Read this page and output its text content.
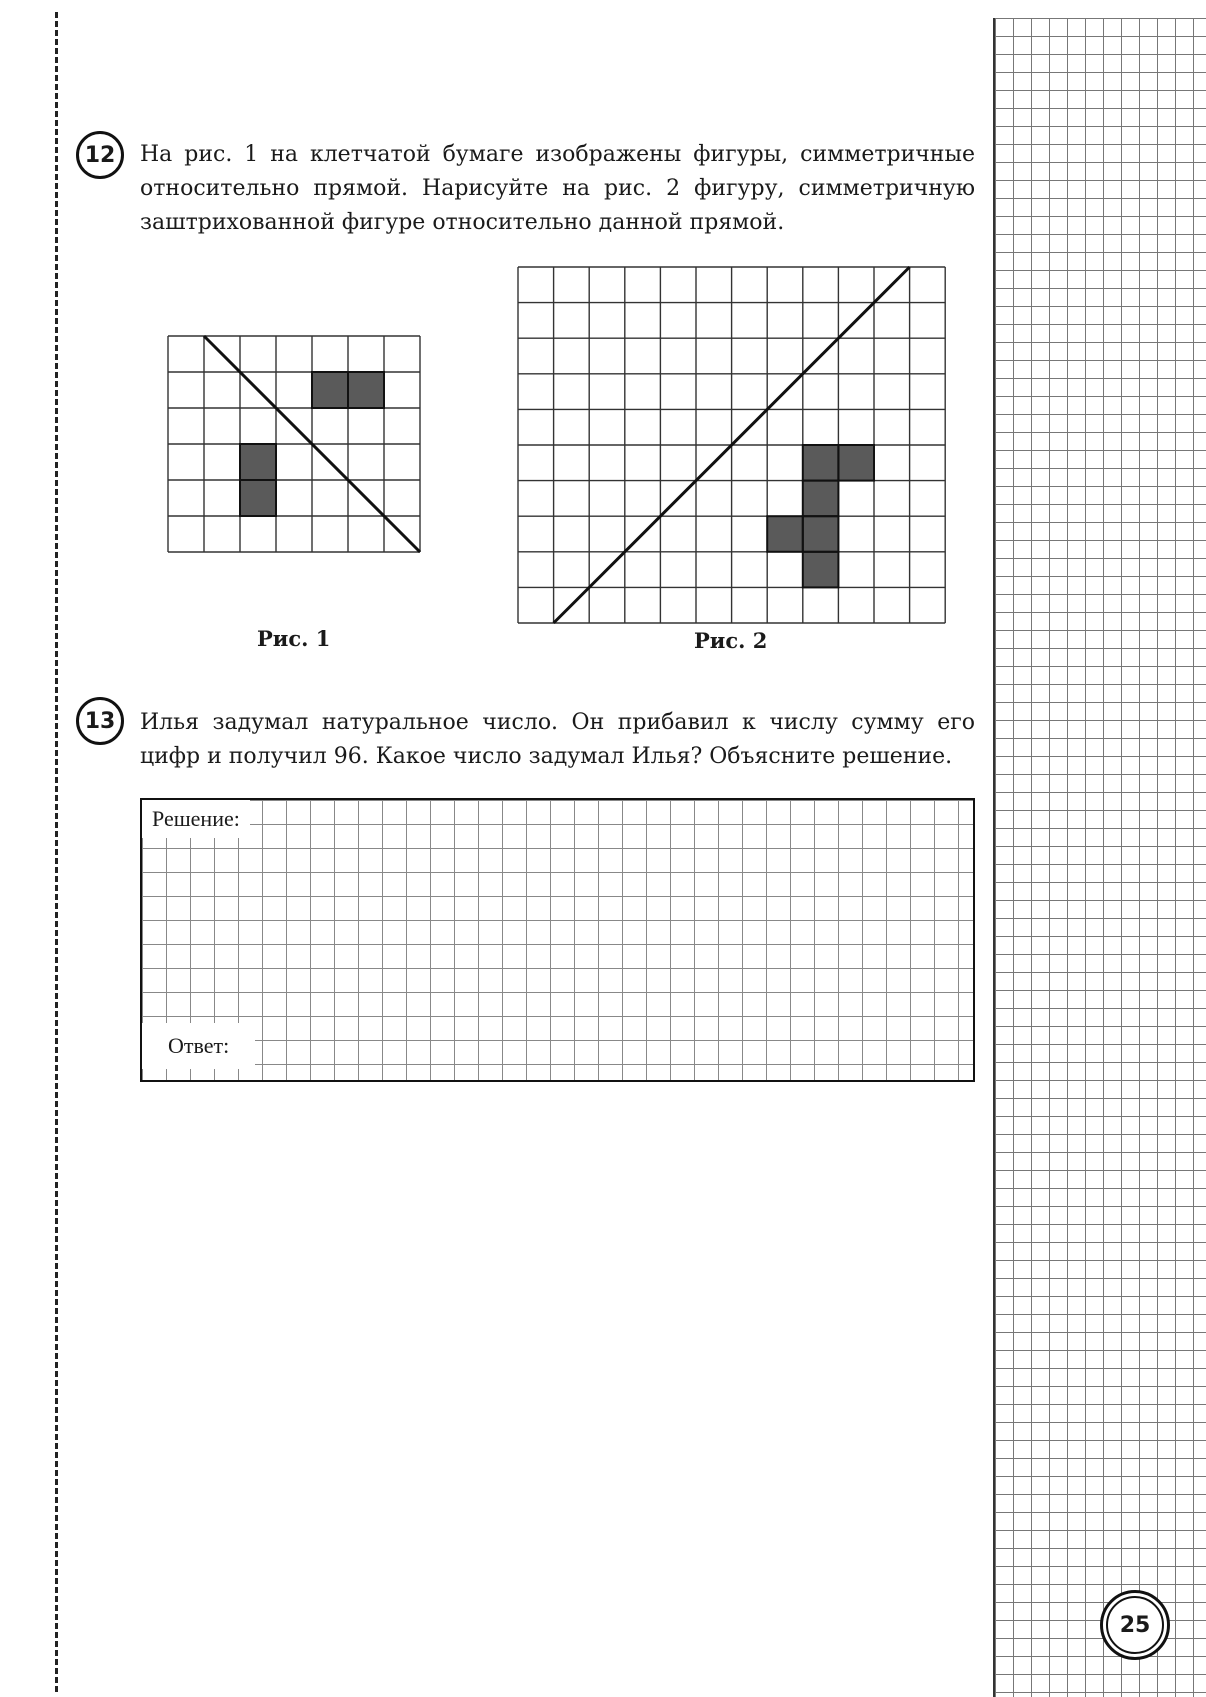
12	На рис. 1 на клетчатой бумаге изображены фигуры, симметричные относительно прямой. Нарисуйте на рис. 2 фигуру, симметричную заштрихованной фигуре относительно данной прямой.
Рис. 1	Рис. 2
13	Илья задумал натуральное число. Он прибавил к числу сумму его цифр и получил 96. Какое число задумал Илья? Объясните решение.
Решение:
Ответ:
25
